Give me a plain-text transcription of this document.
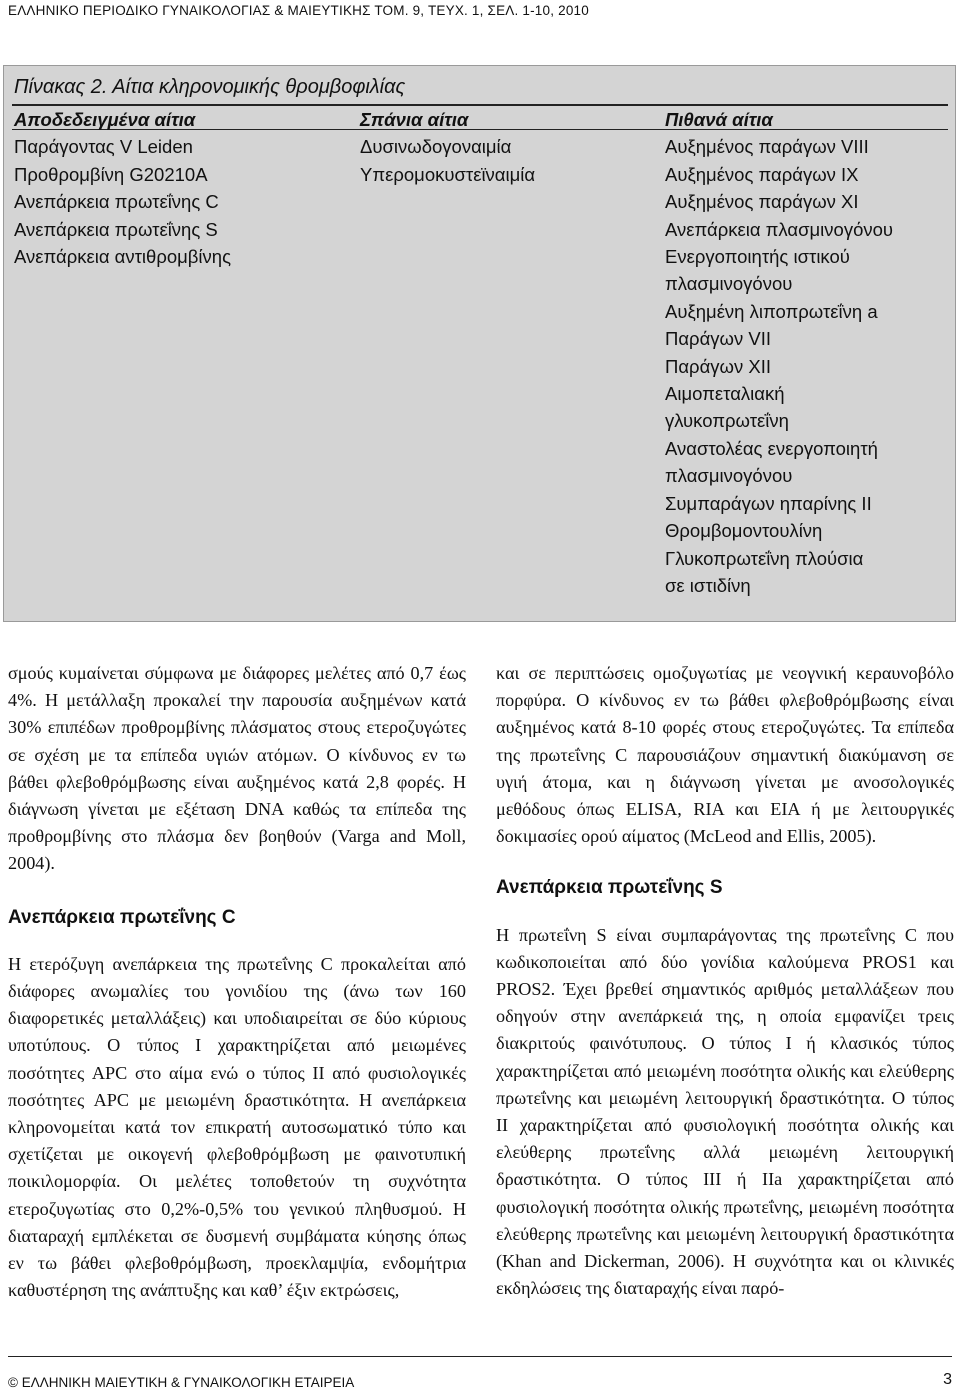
ΕΛΛΗΝΙΚΟ ΠΕΡΙΟΔΙΚΟ ΓΥΝΑΙΚΟΛΟΓΙΑΣ & ΜΑΙΕΥΤΙΚΗΣ ΤΟΜ. 9, ΤΕΥΧ. 1, ΣΕΛ. 1-10, 2010
Πίνακας 2. Αίτια κληρονομικής θρομβοφιλίας
Αποδεδειγμένα αίτια
Παράγοντας V Leiden
Προθρομβίνη G20210A
Ανεπάρκεια πρωτεΐνης C
Ανεπάρκεια πρωτεΐνης S
Ανεπάρκεια αντιθρομβίνης
Σπάνια αίτια
Δυσινωδογοναιμία
Υπερομοκυστεϊναιμία
Πιθανά αίτια
Αυξημένος παράγων VIII
Αυξημένος παράγων IX
Αυξημένος παράγων XI
Ανεπάρκεια πλασμινογόνου
Ενεργοποιητής ιστικού
πλασμινογόνου
Αυξημένη λιποπρωτεΐνη a
Παράγων VII
Παράγων XII
Αιμοπεταλιακή
γλυκοπρωτεΐνη
Αναστολέας ενεργοποιητή
πλασμινογόνου
Συμπαράγων ηπαρίνης II
Θρομβομοντουλίνη
Γλυκοπρωτεΐνη πλούσια
σε ιστιδίνη

σμούς κυμαίνεται σύμφωνα με διάφορες μελέτες από 0,7 έως 4%. Η μετάλλαξη προκαλεί την παρουσία αυξημένων κατά 30% επιπέδων προθρομβίνης πλάσματος στους ετεροζυγώτες σε σχέση με τα επίπεδα υγιών ατόμων. Ο κίνδυνος εν τω βάθει φλεβοθρόμβωσης είναι αυξημένος κατά 2,8 φορές. Η διάγνωση γίνεται με εξέταση DNA καθώς τα επίπεδα της προθρομβίνης στο πλάσμα δεν βοηθούν (Varga and Moll, 2004).

Ανεπάρκεια πρωτεΐνης C

Η ετερόζυγη ανεπάρκεια της πρωτεΐνης C προκαλείται από διάφορες ανωμαλίες του γονιδίου της (άνω των 160 διαφορετικές μεταλλάξεις) και υποδιαιρείται σε δύο κύριους υποτύπους. Ο τύπος I χαρακτηρίζεται από μειωμένες ποσότητες APC στο αίμα ενώ ο τύπος II από φυσιολογικές ποσότητες APC με μειωμένη δραστικότητα. Η ανεπάρκεια κληρονομείται κατά τον επικρατή αυτοσωματικό τύπο και σχετίζεται με οικογενή φλεβοθρόμβωση με φαινοτυπική ποικιλομορφία. Οι μελέτες τοποθετούν τη συχνότητα ετεροζυγωτίας στο 0,2%-0,5% του γενικού πληθυσμού. Η διαταραχή εμπλέκεται σε δυσμενή συμβάματα κύησης όπως εν τω βάθει φλεβοθρόμβωση, προεκλαμψία, ενδομήτρια καθυστέρηση της ανάπτυξης και καθ’ έξιν εκτρώσεις,

και σε περιπτώσεις ομοζυγωτίας με νεογνική κεραυνοβόλο πορφύρα. Ο κίνδυνος εν τω βάθει φλεβοθρόμβωσης είναι αυξημένος κατά 8-10 φορές στους ετεροζυγώτες. Τα επίπεδα της πρωτεΐνης C παρουσιάζουν σημαντική διακύμανση σε υγιή άτομα, και η διάγνωση γίνεται με ανοσολογικές μεθόδους όπως ELISA, RIA και EIA ή με λειτουργικές δοκιμασίες ορού αίματος (McLeod and Ellis, 2005).

Ανεπάρκεια πρωτεΐνης S

Η πρωτεΐνη S είναι συμπαράγοντας της πρωτεΐνης C που κωδικοποιείται από δύο γονίδια καλούμενα PROS1 και PROS2. Έχει βρεθεί σημαντικός αριθμός μεταλλάξεων που οδηγούν στην ανεπάρκειά της, η οποία εμφανίζει τρεις διακριτούς φαινότυπους. Ο τύπος I ή κλασικός τύπος χαρακτηρίζεται από μειωμένη ποσότητα ολικής και ελεύθερης πρωτεΐνης και μειωμένη λειτουργική δραστικότητα. Ο τύπος II χαρακτηρίζεται από φυσιολογική ποσότητα ολικής και ελεύθερης πρωτεΐνης αλλά μειωμένη λειτουργική δραστικότητα. Ο τύπος III ή IIa χαρακτηρίζεται από φυσιολογική ποσότητα ολικής πρωτεΐνης, μειωμένη ποσότητα ελεύθερης πρωτεΐνης και μειωμένη λειτουργική δραστικότητα (Khan and Dickerman, 2006). Η συχνότητα και οι κλινικές εκδηλώσεις της διαταραχής είναι παρό-

© ΕΛΛΗΝΙΚΗ ΜΑΙΕΥΤΙΚΗ & ΓΥΝΑΙΚΟΛΟΓΙΚΗ ΕΤΑΙΡΕΙΑ	3
